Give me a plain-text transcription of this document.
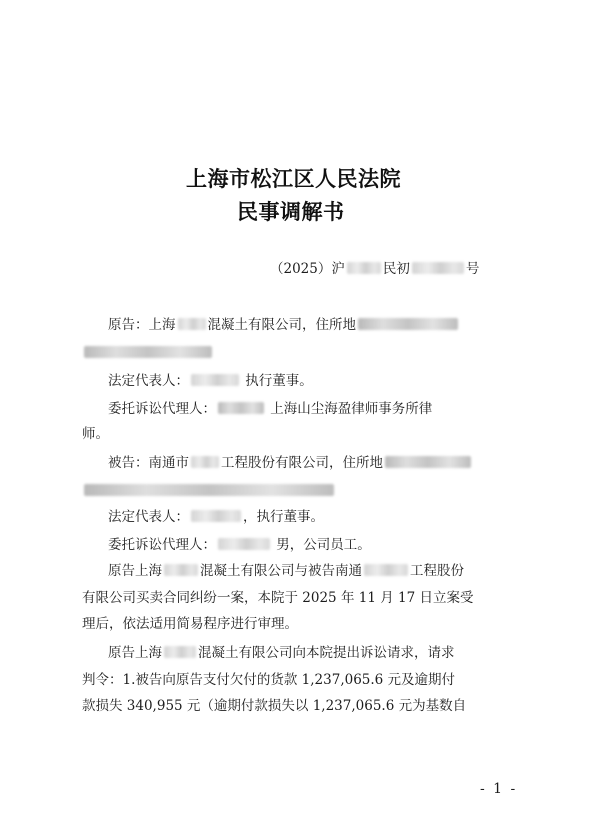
上海市松江区人民法院
民事调解书
（2025）沪	民初	号
原告：上海 混凝土有限公司，住所地
法定代表人：	执行董事。
委托诉讼代理人：	上海山尘海盈律师事务所律
师。
被告：南通市 工程股份有限公司，住所地
法定代表人：	，执行董事。
委托诉讼代理人：	男，公司员工。
原告上海	混凝土有限公司与被告南通	工程股份
有限公司买卖合同纠纷一案，本院于 2025 年 11 月 17 日立案受
理后，依法适用简易程序进行审理。
原告上海	混凝土有限公司向本院提出诉讼请求，请求
判令：1.被告向原告支付欠付的货款 1,237,065.6 元及逾期付
款损失 340,955 元（逾期付款损失以 1,237,065.6 元为基数自
- 1 -
